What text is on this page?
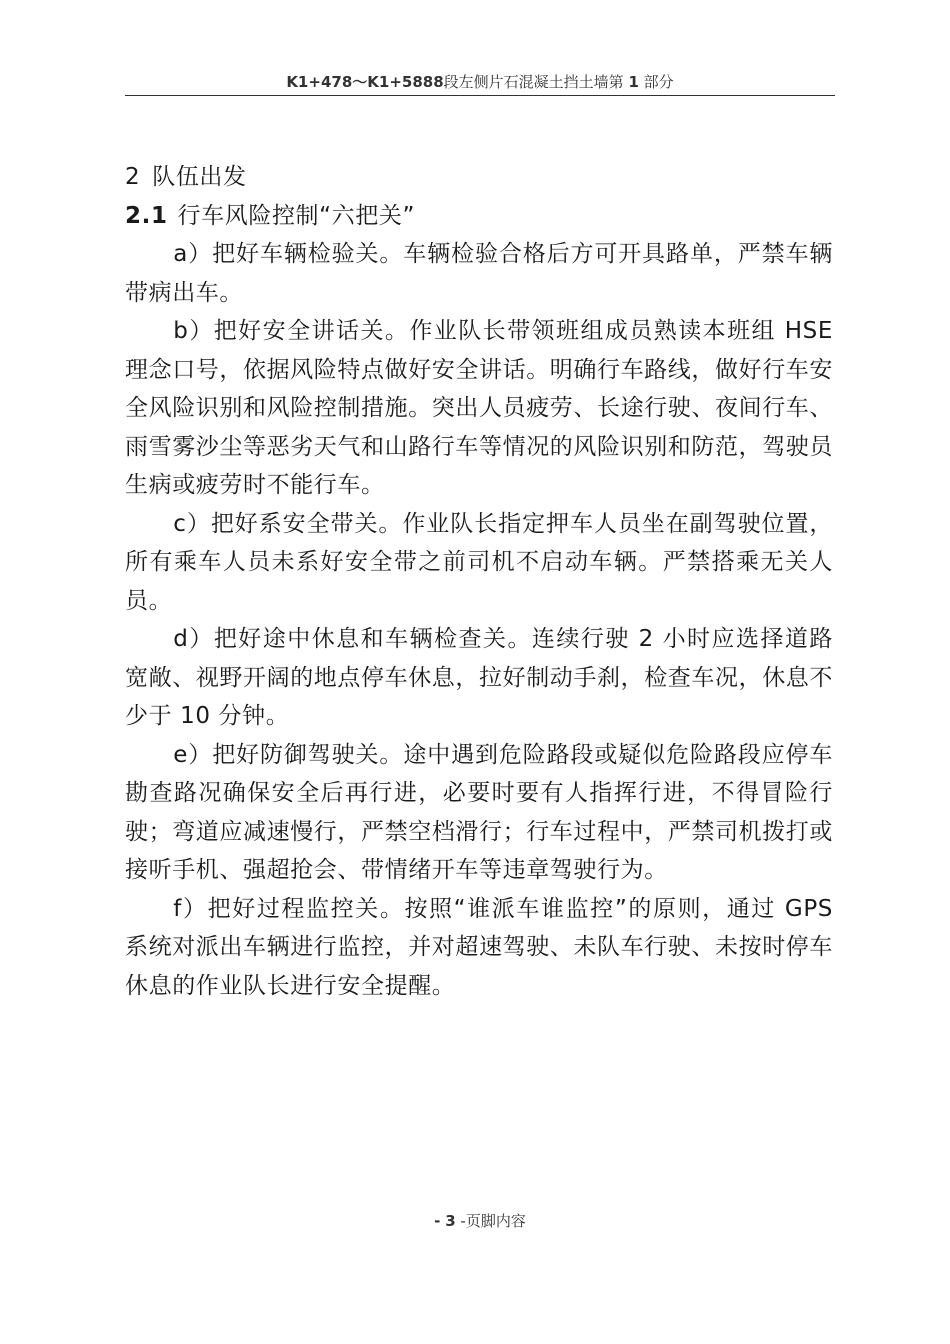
K1+478～K1+5888段左侧片石混凝土挡土墙第 1 部分

2 队伍出发

2.1 行车风险控制“六把关”

a）把好车辆检验关。车辆检验合格后方可开具路单，严禁车辆带病出车。

b）把好安全讲话关。作业队长带领班组成员熟读本班组 HSE 理念口号，依据风险特点做好安全讲话。明确行车路线，做好行车安全风险识别和风险控制措施。突出人员疲劳、长途行驶、夜间行车、雨雪雾沙尘等恶劣天气和山路行车等情况的风险识别和防范，驾驶员生病或疲劳时不能行车。

c）把好系安全带关。作业队长指定押车人员坐在副驾驶位置，所有乘车人员未系好安全带之前司机不启动车辆。严禁搭乘无关人员。

d）把好途中休息和车辆检查关。连续行驶 2 小时应选择道路宽敞、视野开阔的地点停车休息，拉好制动手刹，检查车况，休息不少于 10 分钟。

e）把好防御驾驶关。途中遇到危险路段或疑似危险路段应停车勘查路况确保安全后再行进，必要时要有人指挥行进，不得冒险行驶；弯道应减速慢行，严禁空档滑行；行车过程中，严禁司机拨打或接听手机、强超抢会、带情绪开车等违章驾驶行为。

f）把好过程监控关。按照“谁派车谁监控”的原则，通过 GPS 系统对派出车辆进行监控，并对超速驾驶、未队车行驶、未按时停车休息的作业队长进行安全提醒。

- 3 -页脚内容
